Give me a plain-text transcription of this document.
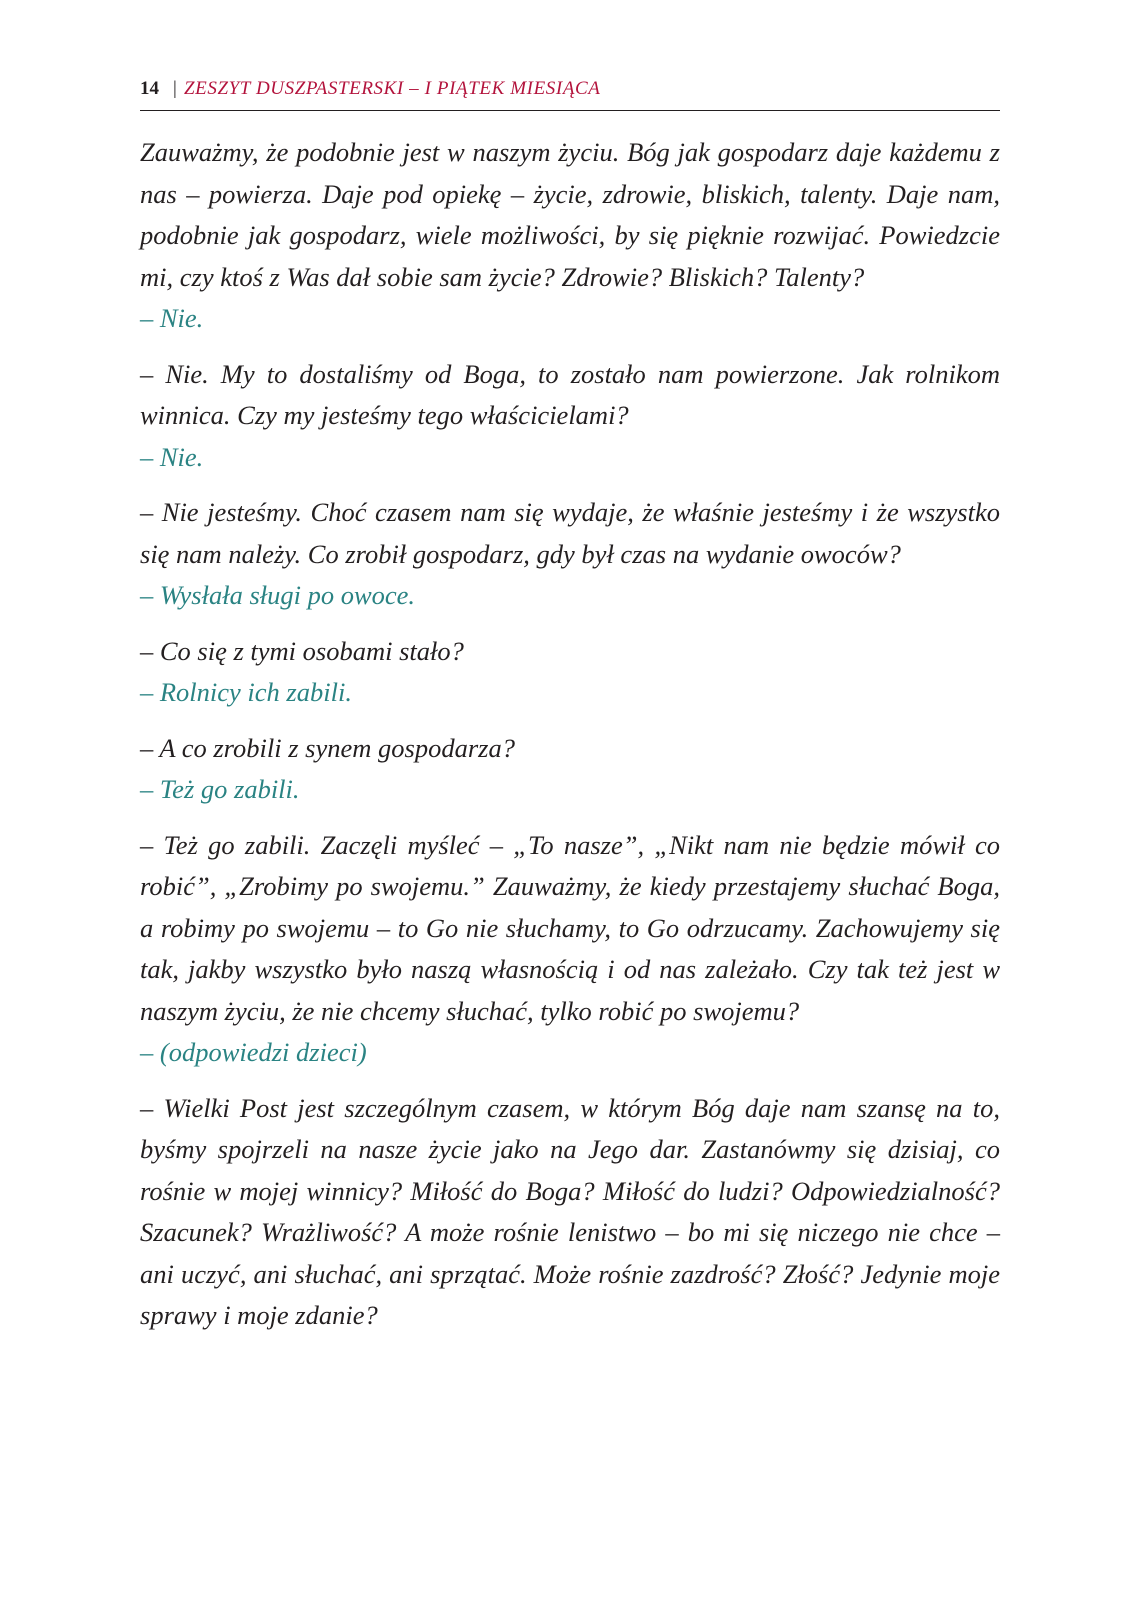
14 | ZESZYT DUSZPASTERSKI – I PIĄTEK MIESIĄCA

Zauważmy, że podobnie jest w naszym życiu. Bóg jak gospodarz daje każdemu z nas – powierza. Daje pod opiekę – życie, zdrowie, bliskich, talenty. Daje nam, podobnie jak gospodarz, wiele możliwości, by się pięknie rozwijać. Powiedzcie mi, czy ktoś z Was dał sobie sam życie? Zdrowie? Bliskich? Talenty?

– Nie.

– Nie. My to dostaliśmy od Boga, to zostało nam powierzone. Jak rolnikom winnica. Czy my jesteśmy tego właścicielami?

– Nie.

– Nie jesteśmy. Choć czasem nam się wydaje, że właśnie jesteśmy i że wszystko się nam należy. Co zrobił gospodarz, gdy był czas na wydanie owoców?

– Wysłała sługi po owoce.

– Co się z tymi osobami stało?

– Rolnicy ich zabili.

– A co zrobili z synem gospodarza?

– Też go zabili.

– Też go zabili. Zaczęli myśleć – „To nasze”, „Nikt nam nie będzie mówił co robić”, „Zrobimy po swojemu.” Zauważmy, że kiedy przestajemy słuchać Boga, a robimy po swojemu – to Go nie słuchamy, to Go odrzucamy. Zachowujemy się tak, jakby wszystko było naszą własnością i od nas zależało. Czy tak też jest w naszym życiu, że nie chcemy słuchać, tylko robić po swojemu?

– (odpowiedzi dzieci)

– Wielki Post jest szczególnym czasem, w którym Bóg daje nam szansę na to, byśmy spojrzeli na nasze życie jako na Jego dar. Zastanówmy się dzisiaj, co rośnie w mojej winnicy? Miłość do Boga? Miłość do ludzi? Odpowiedzialność? Szacunek? Wrażliwość? A może rośnie lenistwo – bo mi się niczego nie chce – ani uczyć, ani słuchać, ani sprzątać. Może rośnie zazdrość? Złość? Jedynie moje sprawy i moje zdanie?
